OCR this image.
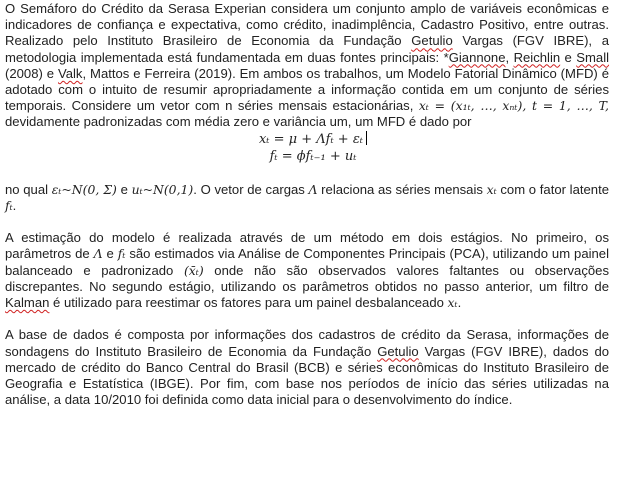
O Semáforo do Crédito da Serasa Experian considera um conjunto amplo de variáveis econômicas e indicadores de confiança e expectativa, como crédito, inadimplência, Cadastro Positivo, entre outras. Realizado pelo Instituto Brasileiro de Economia da Fundação Getulio Vargas (FGV IBRE), a metodologia implementada está fundamentada em duas fontes principais: *Giannone, Reichlin e Small (2008) e Valk, Mattos e Ferreira (2019). Em ambos os trabalhos, um Modelo Fatorial Dinâmico (MFD) é adotado com o intuito de resumir apropriadamente a informação contida em um conjunto de séries temporais. Considere um vetor com n séries mensais estacionárias, xₜ = (x₁ₜ, …, xₙₜ), t = 1, …, T, devidamente padronizadas com média zero e variância um, um MFD é dado por

xₜ = μ + Λfₜ + εₜ
fₜ = ϕfₜ₋₁ + uₜ

no qual εₜ~N(0, Σ) e uₜ~N(0,1). O vetor de cargas Λ relaciona as séries mensais xₜ com o fator latente fₜ.

A estimação do modelo é realizada através de um método em dois estágios. No primeiro, os parâmetros de Λ e fₜ são estimados via Análise de Componentes Principais (PCA), utilizando um painel balanceado e padronizado (x̄ₜ) onde não são observados valores faltantes ou observações discrepantes. No segundo estágio, utilizando os parâmetros obtidos no passo anterior, um filtro de Kalman é utilizado para reestimar os fatores para um painel desbalanceado xₜ.

A base de dados é composta por informações dos cadastros de crédito da Serasa, informações de sondagens do Instituto Brasileiro de Economia da Fundação Getulio Vargas (FGV IBRE), dados do mercado de crédito do Banco Central do Brasil (BCB) e séries econômicas do Instituto Brasileiro de Geografia e Estatística (IBGE). Por fim, com base nos períodos de início das séries utilizadas na análise, a data 10/2010 foi definida como data inicial para o desenvolvimento do índice.
